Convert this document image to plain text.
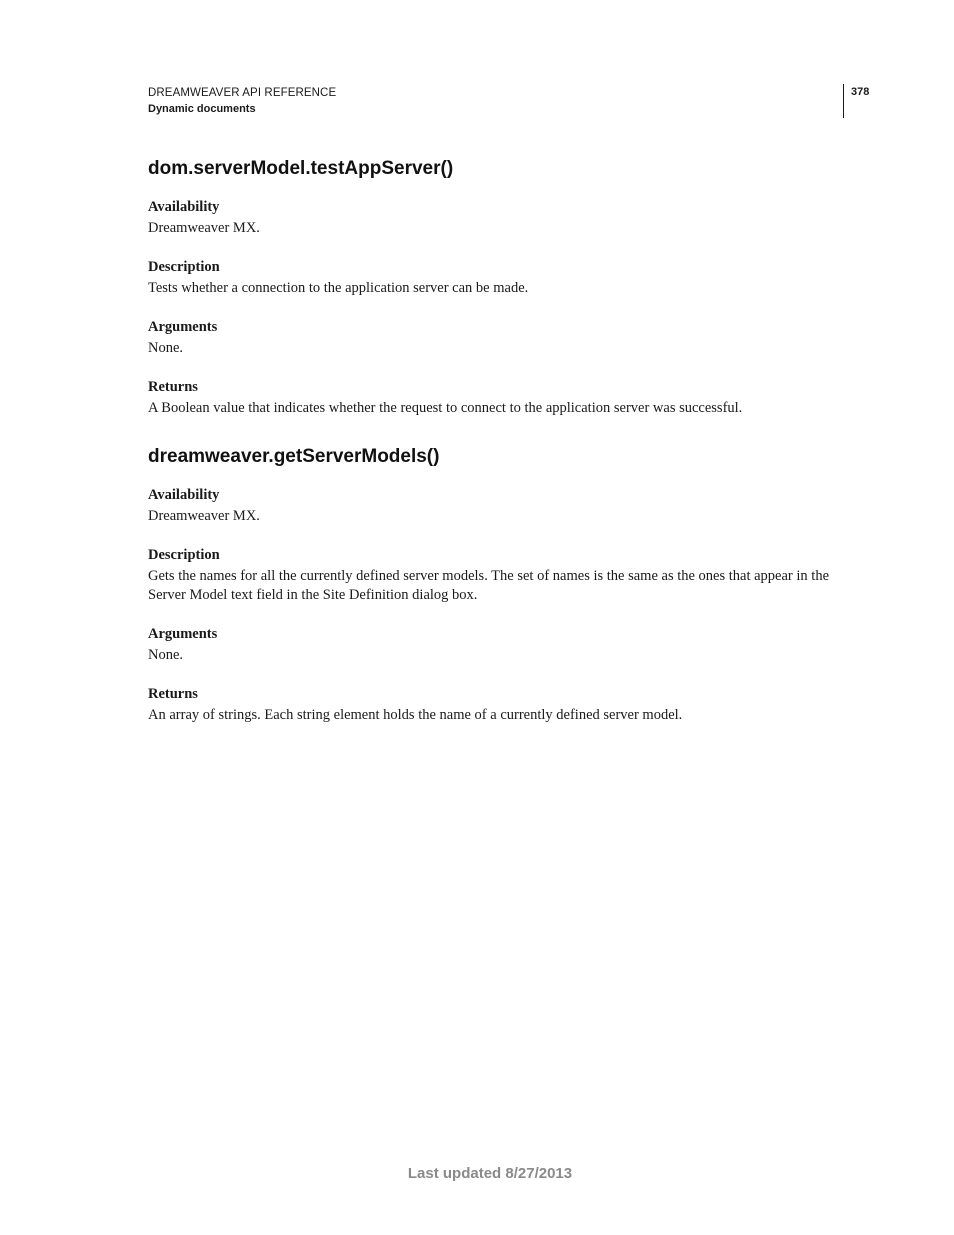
DREAMWEAVER API REFERENCE
Dynamic documents
378
dom.serverModel.testAppServer()

Availability

Dreamweaver MX.

Description

Tests whether a connection to the application server can be made.

Arguments

None.

Returns

A Boolean value that indicates whether the request to connect to the application server was successful.

dreamweaver.getServerModels()

Availability

Dreamweaver MX.

Description

Gets the names for all the currently defined server models. The set of names is the same as the ones that appear in the Server Model text field in the Site Definition dialog box.

Arguments

None.

Returns

An array of strings. Each string element holds the name of a currently defined server model.

Last updated 8/27/2013
